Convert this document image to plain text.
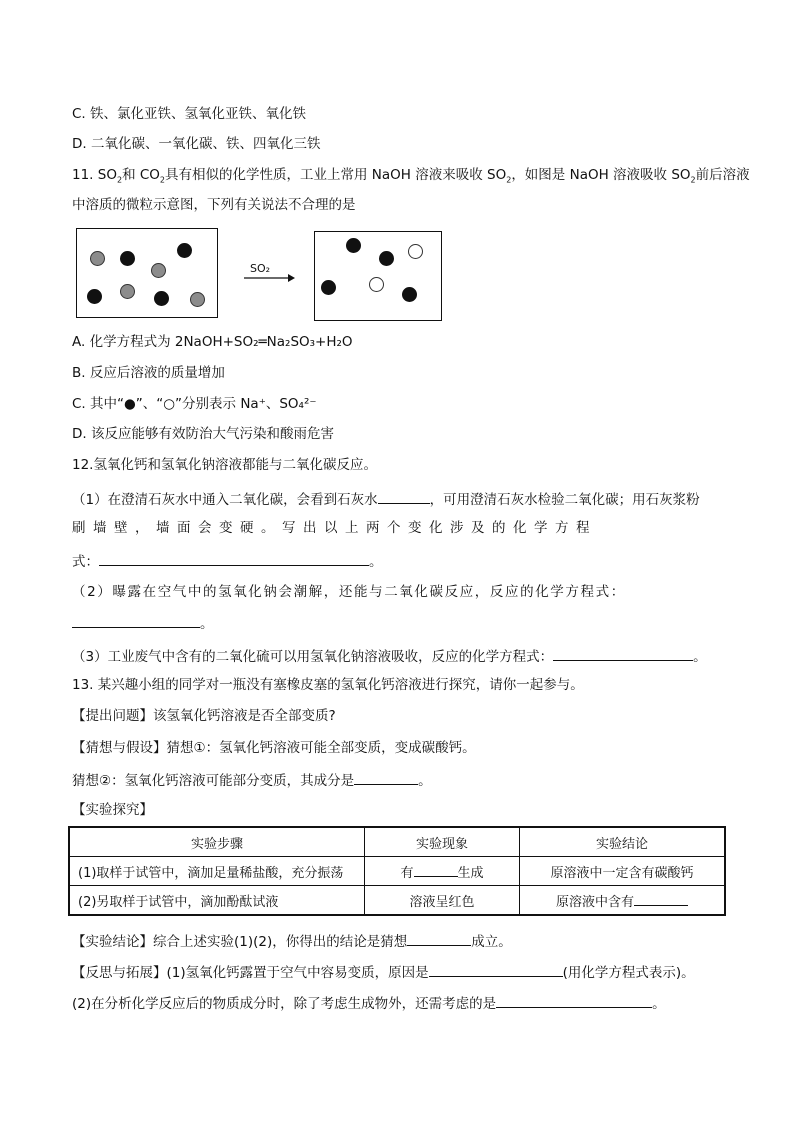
C. 铁、氯化亚铁、氢氧化亚铁、氧化铁
D. 二氧化碳、一氧化碳、铁、四氧化三铁
11. $SO_2$和 $CO_2$具有相似的化学性质，工业上常用 NaOH 溶液来吸收 $SO_2$，如图是 NaOH 溶液吸收 $SO_2$前后溶液
中溶质的微粒示意图，下列有关说法不合理的是
SO₂
A. 化学方程式为 2NaOH+SO₂═Na₂SO₃+H₂O
B. 反应后溶液的质量增加
C. 其中“●”、“○”分别表示 Na⁺、SO₄²⁻
D. 该反应能够有效防治大气污染和酸雨危害
12.氢氧化钙和氢氧化钠溶液都能与二氧化碳反应。
（1）在澄清石灰水中通入二氧化碳，会看到石灰水	，可用澄清石灰水检验二氧化碳；用石灰浆粉
刷墙壁，墙面会变硬。写出以上两个变化涉及的化学方程
式：	。
（2）曝露在空气中的氢氧化钠会潮解，还能与二氧化碳反应，反应的化学方程式：
。
（3）工业废气中含有的二氧化硫可以用氢氧化钠溶液吸收，反应的化学方程式：	。
13. 某兴趣小组的同学对一瓶没有塞橡皮塞的氢氧化钙溶液进行探究，请你一起参与。
【提出问题】该氢氧化钙溶液是否全部变质?
【猜想与假设】猜想①：氢氧化钙溶液可能全部变质，变成碳酸钙。
猜想②：氢氧化钙溶液可能部分变质，其成分是	。
【实验探究】
实验步骤	实验现象	实验结论
(1)取样于试管中，滴加足量稀盐酸，充分振荡	有 生成	原溶液中一定含有碳酸钙
(2)另取样于试管中，滴加酚酞试液	溶液呈红色	原溶液中含有
【实验结论】综合上述实验(1)(2)，你得出的结论是猜想	成立。
【反思与拓展】(1)氢氧化钙露置于空气中容易变质，原因是	(用化学方程式表示)。
(2)在分析化学反应后的物质成分时，除了考虑生成物外，还需考虑的是	。
